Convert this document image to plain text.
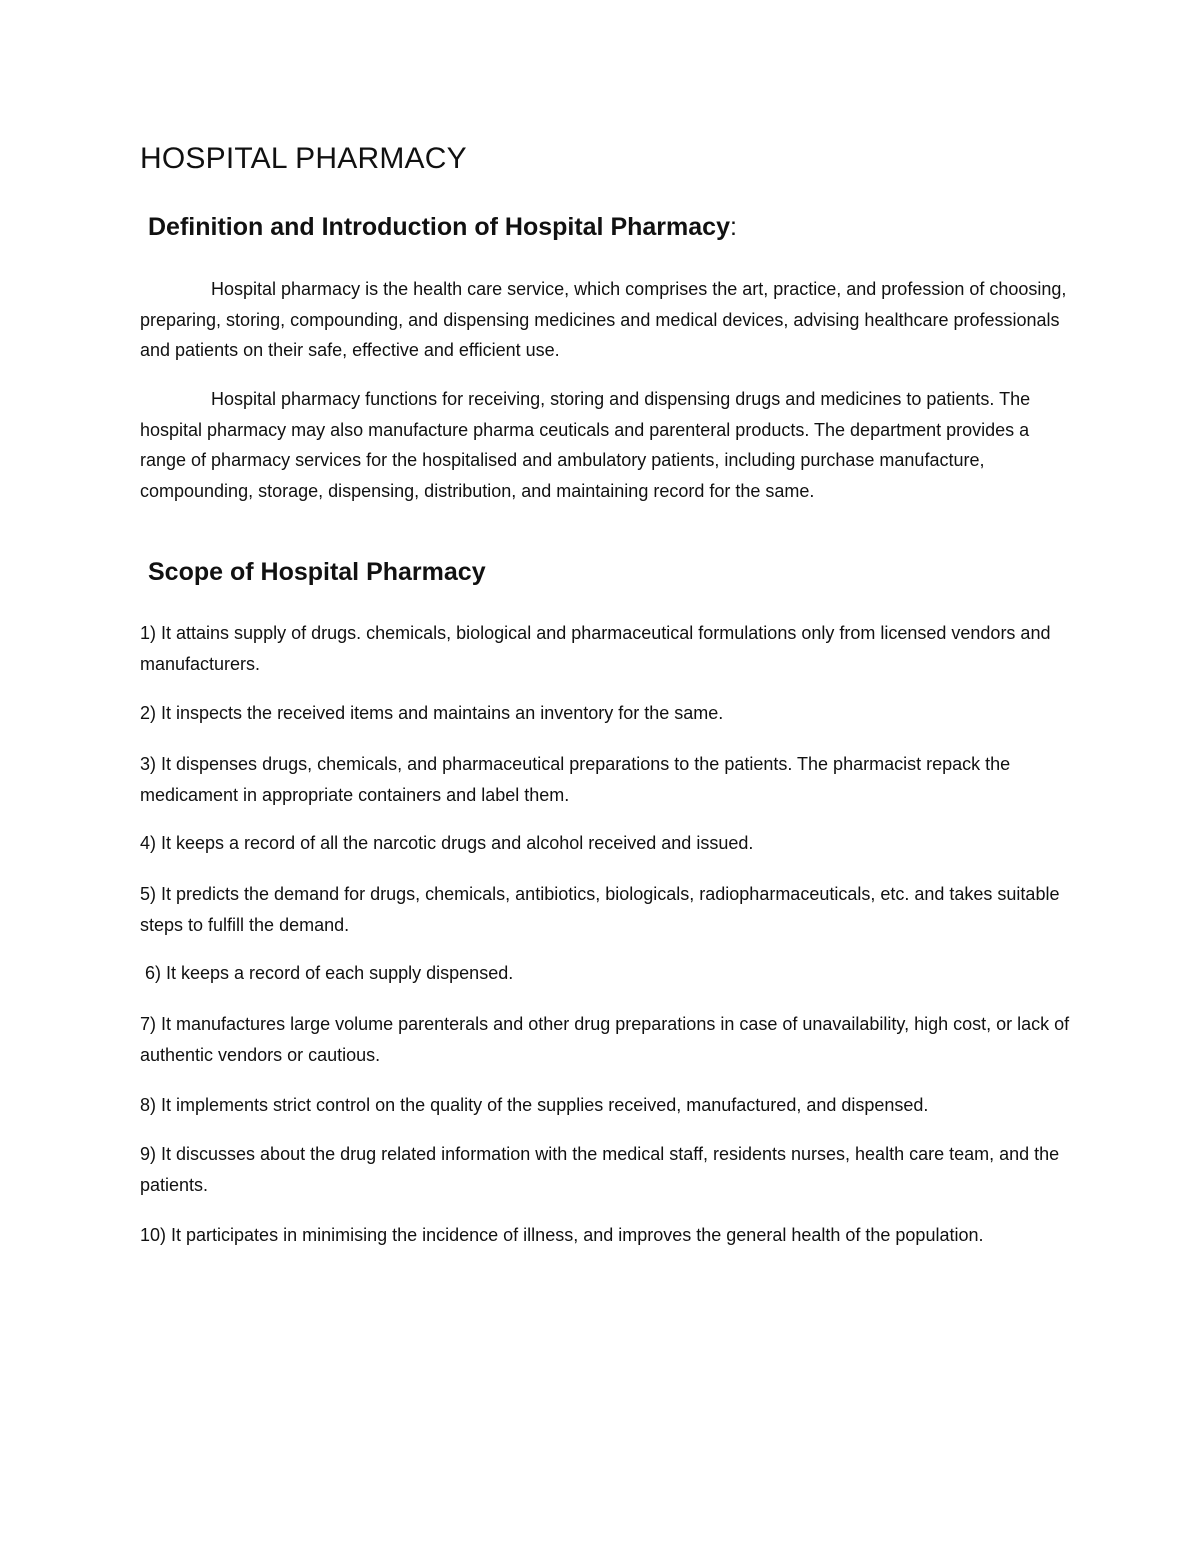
HOSPITAL PHARMACY
Definition and Introduction of Hospital Pharmacy:

Hospital pharmacy is the health care service, which comprises the art, practice, and profession of choosing, preparing, storing, compounding, and dispensing medicines and medical devices, advising healthcare professionals and patients on their safe, effective and efficient use.

Hospital pharmacy functions for receiving, storing and dispensing drugs and medicines to patients. The hospital pharmacy may also manufacture pharma ceuticals and parenteral products. The department provides a range of pharmacy services for the hospitalised and ambulatory patients, including purchase manufacture, compounding, storage, dispensing, distribution, and maintaining record for the same.

Scope of Hospital Pharmacy

1) It attains supply of drugs. chemicals, biological and pharmaceutical formulations only from licensed vendors and manufacturers.

2) It inspects the received items and maintains an inventory for the same.

3) It dispenses drugs, chemicals, and pharmaceutical preparations to the patients. The pharmacist repack the medicament in appropriate containers and label them.

4) It keeps a record of all the narcotic drugs and alcohol received and issued.

5) It predicts the demand for drugs, chemicals, antibiotics, biologicals, radiopharmaceuticals, etc. and takes suitable steps to fulfill the demand.

6) It keeps a record of each supply dispensed.

7) It manufactures large volume parenterals and other drug preparations in case of unavailability, high cost, or lack of authentic vendors or cautious.

8) It implements strict control on the quality of the supplies received, manufactured, and dispensed.

9) It discusses about the drug related information with the medical staff, residents nurses, health care team, and the patients.

10) It participates in minimising the incidence of illness, and improves the general health of the population.
